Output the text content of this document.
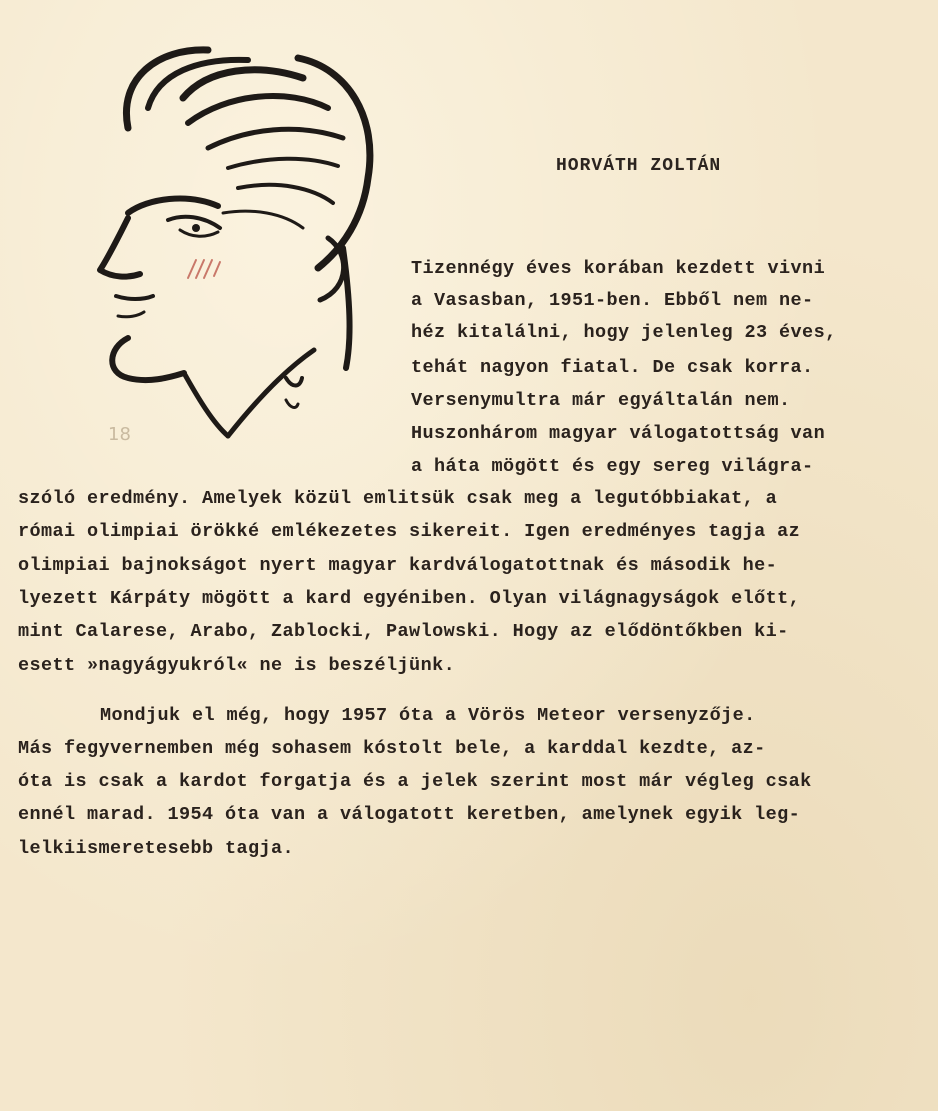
18
HORVÁTH ZOLTÁN
Tizennégy éves korában kezdett vivni
a Vasasban, 1951-ben. Ebből nem ne-
héz kitalálni, hogy jelenleg 23 éves,
tehát nagyon fiatal. De csak korra.
Versenymultra már egyáltalán nem.
Huszonhárom magyar válogatottság van
a háta mögött és egy sereg világra-
szóló eredmény. Amelyek közül emlitsük csak meg a legutóbbiakat, a
római olimpiai örökké emlékezetes sikereit. Igen eredményes tagja az
olimpiai bajnokságot nyert magyar kardválogatottnak és második he-
lyezett Kárpáty mögött a kard egyéniben. Olyan világnagyságok előtt,
mint Calarese, Arabo, Zablocki, Pawlowski. Hogy az elődöntőkben ki-
esett »nagyágyukról« ne is beszéljünk.
Mondjuk el még, hogy 1957 óta a Vörös Meteor versenyzője.
Más fegyvernemben még sohasem kóstolt bele, a karddal kezdte, az-
óta is csak a kardot forgatja és a jelek szerint most már végleg csak
ennél marad. 1954 óta van a válogatott keretben, amelynek egyik leg-
lelkiismeretesebb tagja.
